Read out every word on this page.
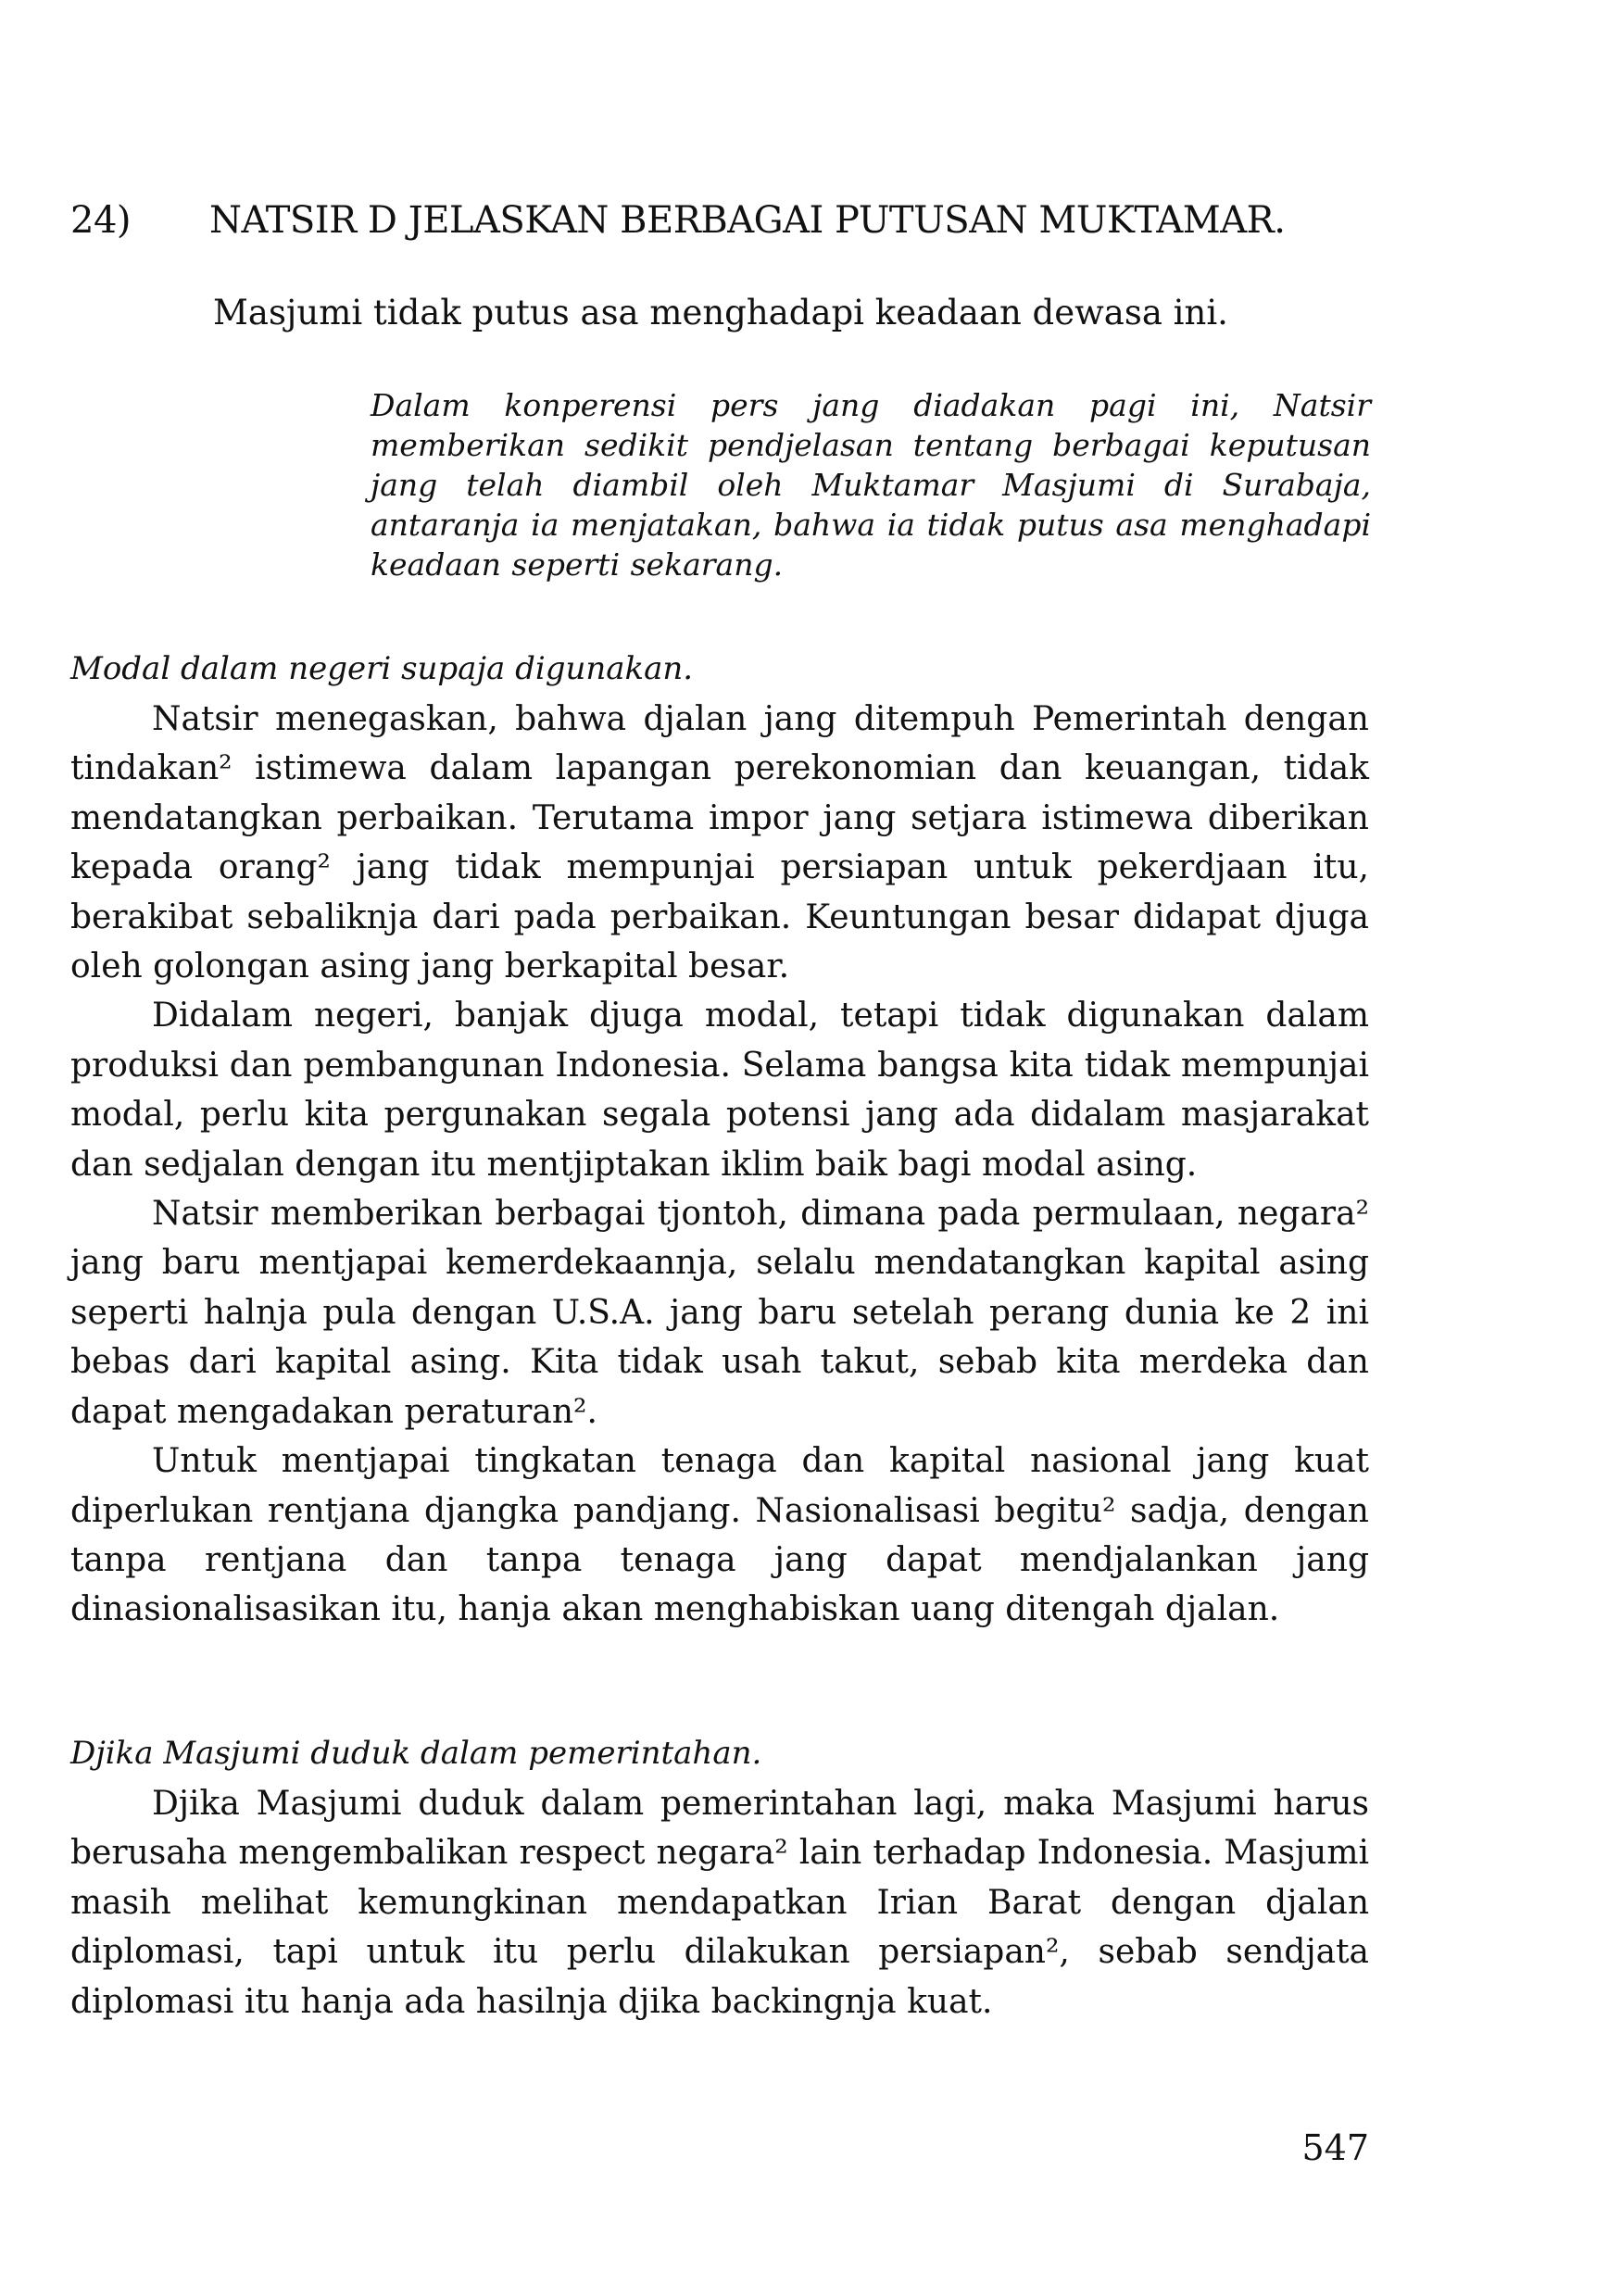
24) NATSIR D JELASKAN BERBAGAI PUTUSAN MUKTAMAR.
Masjumi tidak putus asa menghadapi keadaan dewasa ini.
Dalam konperensi pers jang diadakan pagi ini, Natsir memberikan sedikit pendjelasan tentang berbagai keputusan jang telah diambil oleh Muktamar Masjumi di Surabaja, antaranja ia menjatakan, bahwa ia tidak putus asa menghadapi keadaan seperti sekarang.
Modal dalam negeri supaja digunakan.

Natsir menegaskan, bahwa djalan jang ditempuh Pemerintah dengan tindakan² istimewa dalam lapangan perekonomian dan keuangan, tidak mendatangkan perbaikan. Terutama impor jang setjara istimewa diberikan kepada orang² jang tidak mempunjai persiapan untuk pekerdjaan itu, berakibat sebaliknja dari pada perbaikan. Keuntungan besar didapat djuga oleh golongan asing jang berkapital besar.

Didalam negeri, banjak djuga modal, tetapi tidak digunakan dalam produksi dan pembangunan Indonesia. Selama bangsa kita tidak mempunjai modal, perlu kita pergunakan segala potensi jang ada didalam masjarakat dan sedjalan dengan itu mentjiptakan iklim baik bagi modal asing.

Natsir memberikan berbagai tjontoh, dimana pada permulaan, negara² jang baru mentjapai kemerdekaannja, selalu mendatangkan kapital asing seperti halnja pula dengan U.S.A. jang baru setelah perang dunia ke 2 ini bebas dari kapital asing. Kita tidak usah takut, sebab kita merdeka dan dapat mengadakan peraturan².

Untuk mentjapai tingkatan tenaga dan kapital nasional jang kuat diperlukan rentjana djangka pandjang. Nasionalisasi begitu² sadja, dengan tanpa rentjana dan tanpa tenaga jang dapat mendjalankan jang dinasionalisasikan itu, hanja akan menghabiskan uang ditengah djalan.

Djika Masjumi duduk dalam pemerintahan.

Djika Masjumi duduk dalam pemerintahan lagi, maka Masjumi harus berusaha mengembalikan respect negara² lain terhadap Indonesia. Masjumi masih melihat kemungkinan mendapatkan Irian Barat dengan djalan diplomasi, tapi untuk itu perlu dilakukan persiapan², sebab sendjata diplomasi itu hanja ada hasilnja djika backingnja kuat.

547
